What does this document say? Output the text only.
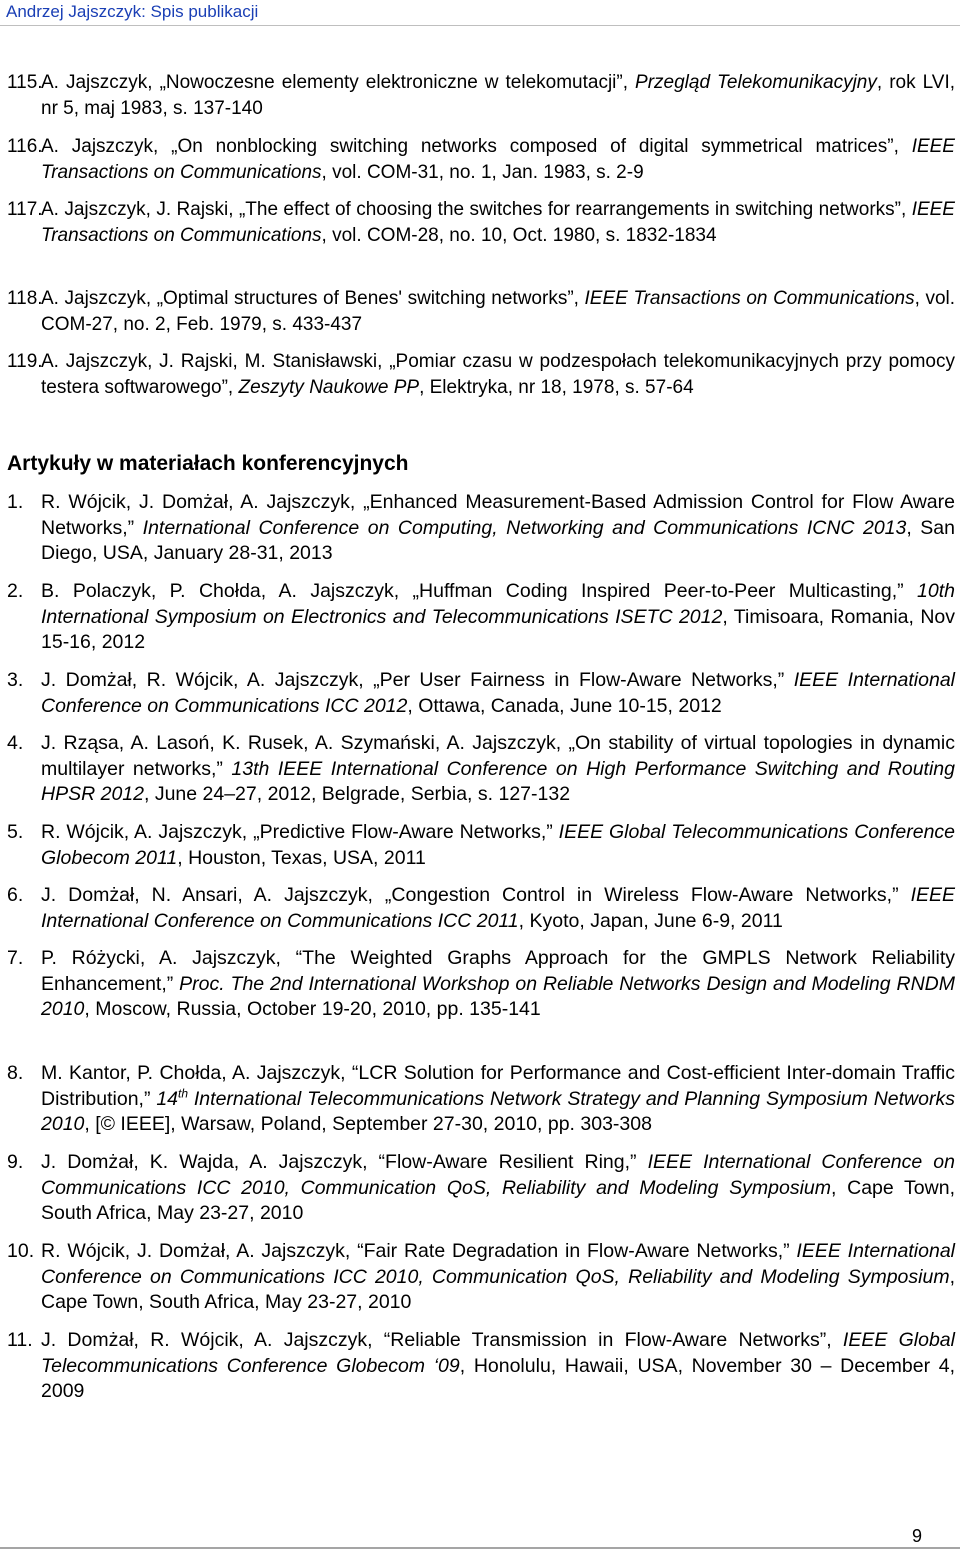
Andrzej Jajszczyk: Spis publikacji
115.
A. Jajszczyk, „Nowoczesne elementy elektroniczne w telekomutacji”, Przegląd Telekomunikacyjny, rok LVI, nr 5, maj 1983, s. 137-140
116.
A. Jajszczyk, „On nonblocking switching networks composed of digital symmetrical matrices”, IEEE Transactions on Communications, vol. COM-31, no. 1, Jan. 1983, s. 2-9
117.
A. Jajszczyk, J. Rajski, „The effect of choosing the switches for rearrangements in switching networks”, IEEE Transactions on Communications, vol. COM-28, no. 10, Oct. 1980, s. 1832-1834
118.
A. Jajszczyk, „Optimal structures of Benes' switching networks”, IEEE Transactions on Communications, vol. COM-27, no. 2, Feb. 1979, s. 433-437
119.
A. Jajszczyk, J. Rajski, M. Stanisławski, „Pomiar czasu w podzespołach telekomunikacyjnych przy pomocy testera softwarowego”, Zeszyty Naukowe PP, Elektryka, nr 18, 1978, s. 57-64
Artykuły w materiałach konferencyjnych
1. R. Wójcik, J. Domżał, A. Jajszczyk, „Enhanced Measurement-Based Admission Control for Flow Aware Networks,” International Conference on Computing, Networking and Communications ICNC 2013, San Diego, USA, January 28-31, 2013
2. B. Polaczyk, P. Chołda, A. Jajszczyk, „Huffman Coding Inspired Peer-to-Peer Multicasting,” 10th International Symposium on Electronics and Telecommunications ISETC 2012, Timisoara, Romania, Nov 15-16, 2012
3. J. Domżał, R. Wójcik, A. Jajszczyk, „Per User Fairness in Flow-Aware Networks,” IEEE International Conference on Communications ICC 2012, Ottawa, Canada, June 10-15, 2012
4. J. Rząsa, A. Lasoń, K. Rusek, A. Szymański, A. Jajszczyk, „On stability of virtual topologies in dynamic multilayer networks,” 13th IEEE International Conference on High Performance Switching and Routing HPSR 2012, June 24–27, 2012, Belgrade, Serbia, s. 127-132
5. R. Wójcik, A. Jajszczyk, „Predictive Flow-Aware Networks,” IEEE Global Telecommunications Conference Globecom 2011, Houston, Texas, USA, 2011
6. J. Domżał, N. Ansari, A. Jajszczyk, „Congestion Control in Wireless Flow-Aware Networks,” IEEE International Conference on Communications ICC 2011, Kyoto, Japan, June 6-9, 2011
7. P. Różycki, A. Jajszczyk, “The Weighted Graphs Approach for the GMPLS Network Reliability Enhancement,” Proc. The 2nd International Workshop on Reliable Networks Design and Modeling RNDM 2010, Moscow, Russia, October 19-20, 2010, pp. 135-141
8. M. Kantor, P. Chołda, A. Jajszczyk, “LCR Solution for Performance and Cost-efficient Inter-domain Traffic Distribution,” 14th International Telecommunications Network Strategy and Planning Symposium Networks 2010, [© IEEE], Warsaw, Poland, September 27-30, 2010, pp. 303-308
9. J. Domżał, K. Wajda, A. Jajszczyk, “Flow-Aware Resilient Ring,” IEEE International Conference on Communications ICC 2010, Communication QoS, Reliability and Modeling Symposium, Cape Town, South Africa, May 23-27, 2010
10. R. Wójcik, J. Domżał, A. Jajszczyk, “Fair Rate Degradation in Flow-Aware Networks,” IEEE International Conference on Communications ICC 2010, Communication QoS, Reliability and Modeling Symposium, Cape Town, South Africa, May 23-27, 2010
11. J. Domżał, R. Wójcik, A. Jajszczyk, “Reliable Transmission in Flow-Aware Networks”, IEEE Global Telecommunications Conference Globecom ‘09, Honolulu, Hawaii, USA, November 30 – December 4, 2009
9
